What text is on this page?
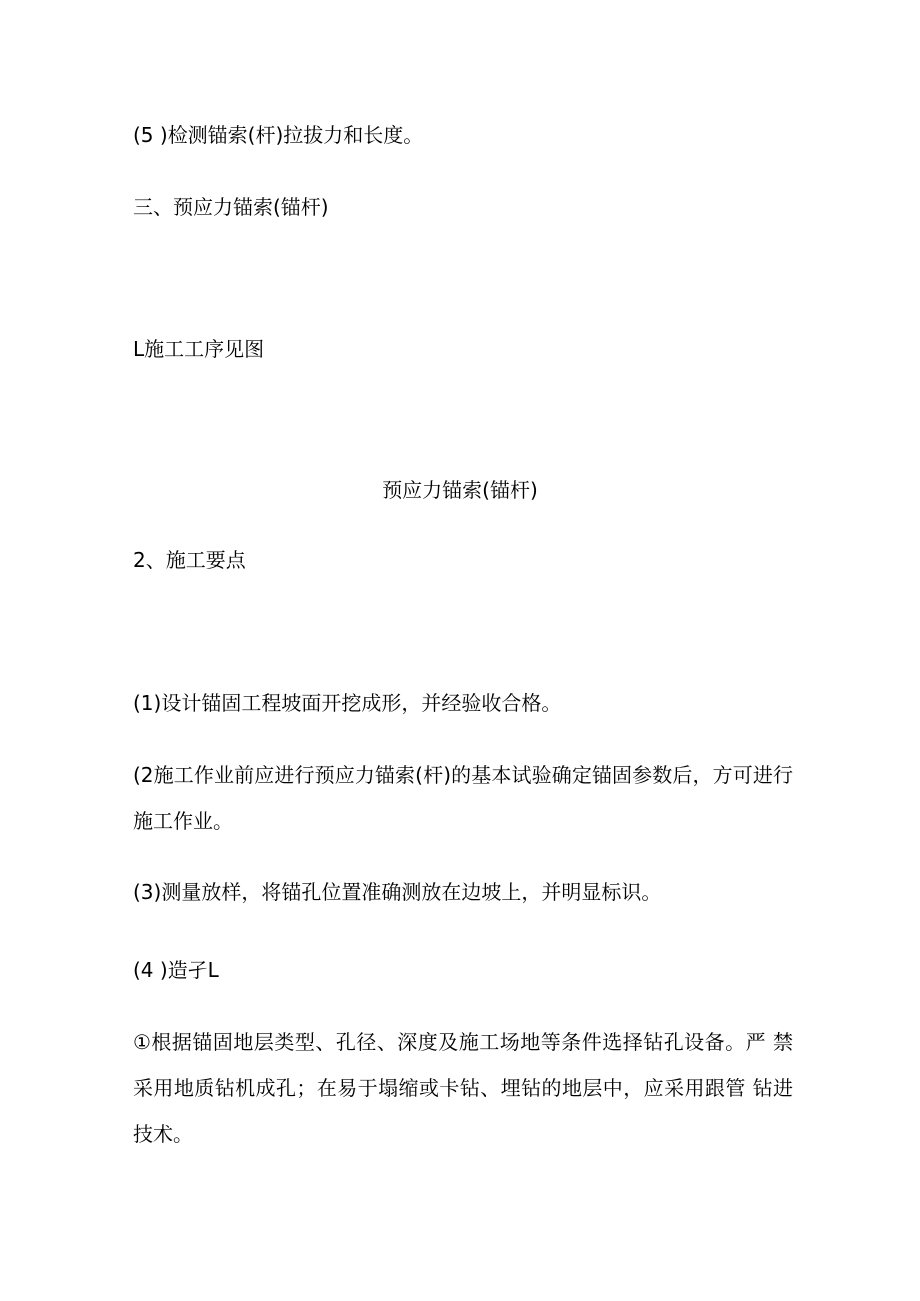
(5 )检测锚索(杆)拉拔力和长度。
三、预应力锚索(锚杆)
L施工工序见图
预应力锚索(锚杆)
2、施工要点
(1)设计锚固工程坡面开挖成形，并经验收合格。
(2施工作业前应进行预应力锚索(杆)的基本试验确定锚固参数后，方可进行施工作业。
(3)测量放样，将锚孔位置准确测放在边坡上，并明显标识。
(4 )造孑L
①根据锚固地层类型、孔径、深度及施工场地等条件选择钻孔设备。严 禁采用地质钻机成孔；在易于塌缩或卡钻、埋钻的地层中，应采用跟管 钻进技术。
